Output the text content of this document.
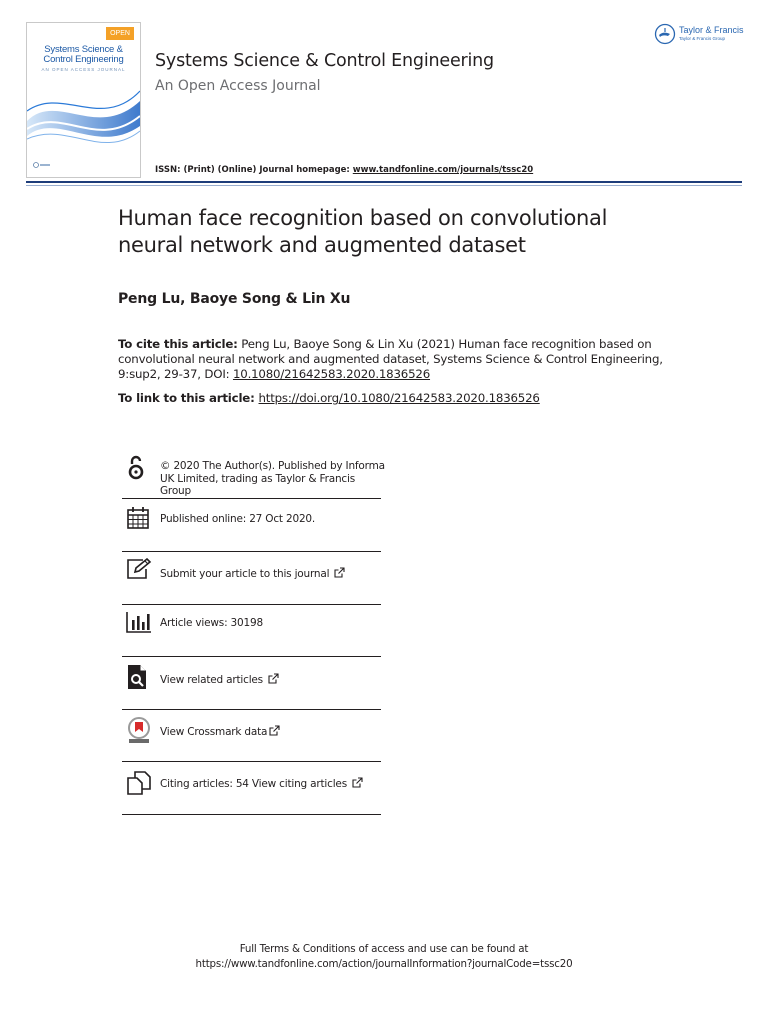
OPEN
Systems Science &
Control Engineering
AN OPEN ACCESS JOURNAL	Systems Science & Control Engineering
An Open Access Journal
ISSN: (Print) (Online) Journal homepage: www.tandfonline.com/journals/tssc20
Taylor & Francis
Taylor & Francis Group
Human face recognition based on convolutional
neural network and augmented dataset
Peng Lu, Baoye Song & Lin Xu
To cite this article: Peng Lu, Baoye Song & Lin Xu (2021) Human face recognition based on
convolutional neural network and augmented dataset, Systems Science & Control Engineering,
9:sup2, 29-37, DOI: 10.1080/21642583.2020.1836526
To link to this article: https://doi.org/10.1080/21642583.2020.1836526
© 2020 The Author(s). Published by Informa
UK Limited, trading as Taylor & Francis
Group
Published online: 27 Oct 2020.
Submit your article to this journal
Article views: 30198
View related articles
View Crossmark data
Citing articles: 54 View citing articles
Full Terms & Conditions of access and use can be found at
https://www.tandfonline.com/action/journalInformation?journalCode=tssc20
